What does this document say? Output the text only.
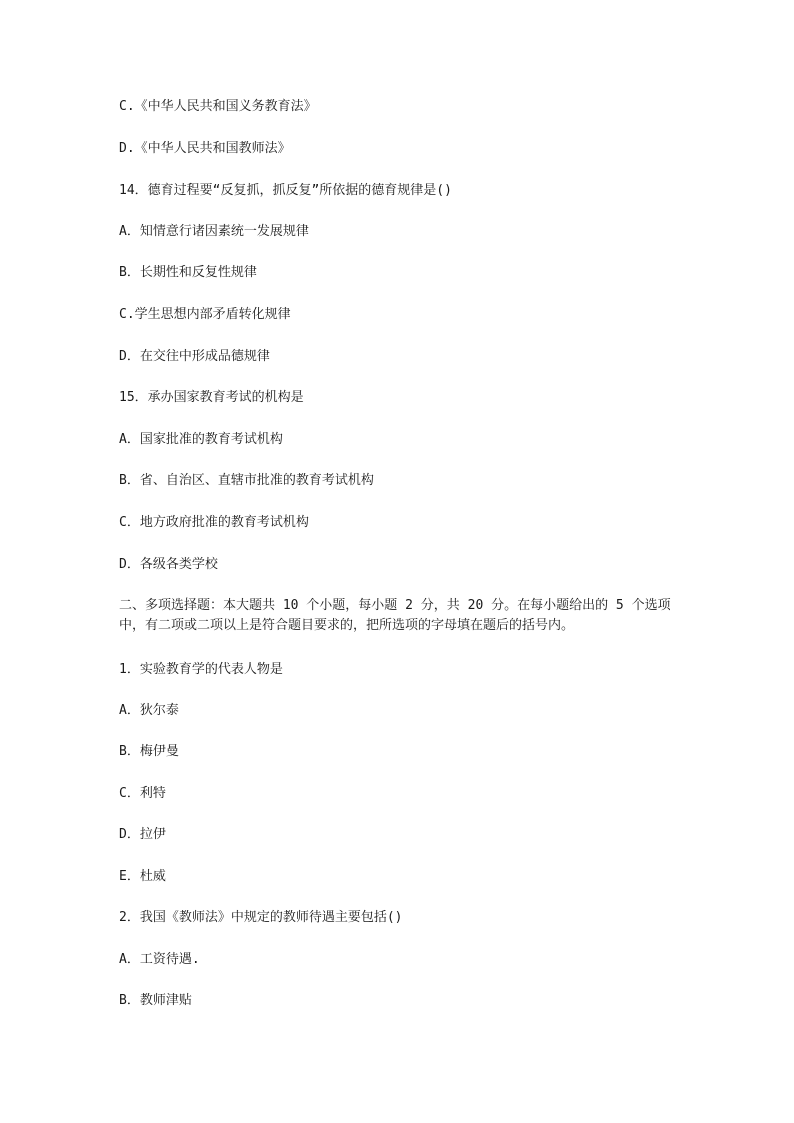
C.《中华人民共和国义务教育法》
D.《中华人民共和国教师法》
14．德育过程要“反复抓，抓反复”所依据的德育规律是()
A．知情意行诸因素统一发展规律
B．长期性和反复性规律
C.学生思想内部矛盾转化规律
D．在交往中形成品德规律
15．承办国家教育考试的机构是
A．国家批准的教育考试机构
B．省、自治区、直辖市批准的教育考试机构
C．地方政府批准的教育考试机构
D．各级各类学校
二、多项选择题：本大题共 10 个小题，每小题 2 分，共 20 分。在每小题给出的 5 个选项中，有二项或二项以上是符合题目要求的，把所选项的字母填在题后的括号内。
1．实验教育学的代表人物是
A．狄尔泰
B．梅伊曼
C．利特
D．拉伊
E．杜威
2．我国《教师法》中规定的教师待遇主要包括()
A．工资待遇.
B．教师津贴
